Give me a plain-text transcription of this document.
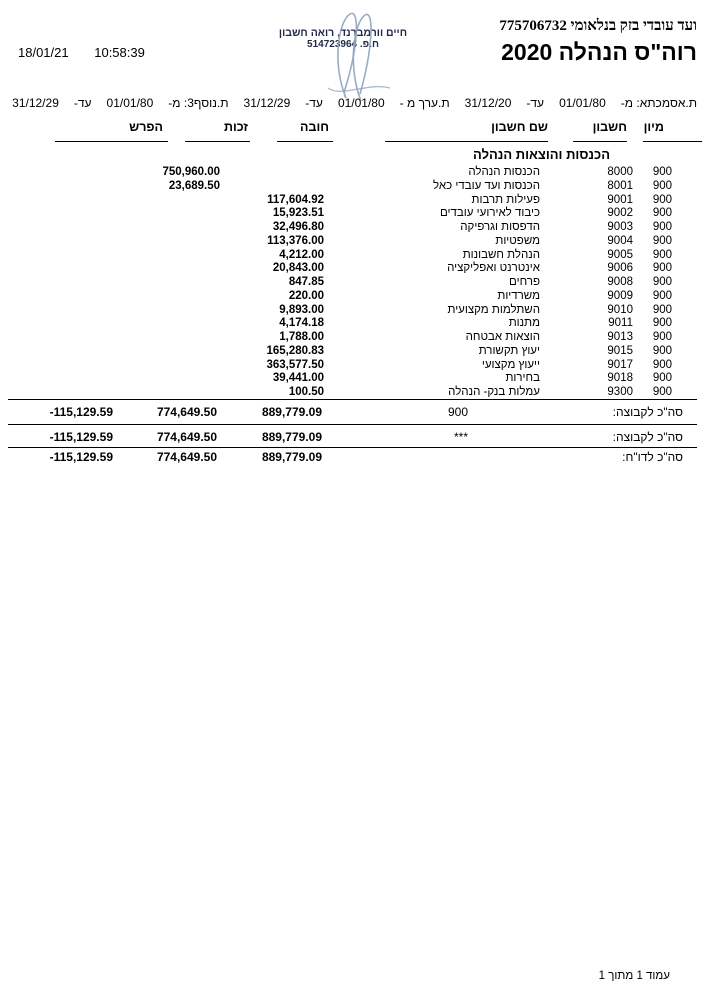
ועד עובדי בזק בנלאומי 775706732
רוה"ס הנהלה 2020
18/01/21 10:58:39
חיים וורמברנד, רואה חשבון
ח.פ. 514723964
ת.אסמכתא: מ-
01/01/80
עד-
31/12/20
ת.ערך מ -
01/01/80
עד-
31/12/29
ת.נוסף3: מ-
01/01/80
עד-
31/12/29
מיון
חשבון
שם חשבון
חובה
זכות
הפרש
הכנסות והוצאות הנהלה
900
8000
הכנסות הנהלה
750,960.00
900
8001
הכנסות ועד עובדי כאל
23,689.50
900
9001
פעילות תרבות
117,604.92
900
9002
כיבוד לאירועי עובדים
15,923.51
900
9003
הדפסות וגרפיקה
32,496.80
900
9004
משפטיות
113,376.00
900
9005
הנהלת חשבונות
4,212.00
900
9006
אינטרנט ואפליקציה
20,843.00
900
9008
פרחים
847.85
900
9009
משרדיות
220.00
900
9010
השתלמות מקצועית
9,893.00
900
9011
מתנות
4,174.18
900
9013
הוצאות אבטחה
1,788.00
900
9015
יעוץ תקשורת
165,280.83
900
9017
ייעוץ מקצועי
363,577.50
900
9018
בחירות
39,441.00
900
9300
עמלות בנק- הנהלה
100.50
סה"כ לקבוצה:
900
889,779.09
774,649.50
-115,129.59
סה"כ לקבוצה:
***
889,779.09
774,649.50
-115,129.59
סה"כ לדו"ח:
889,779.09
774,649.50
-115,129.59
עמוד 1 מתוך 1
